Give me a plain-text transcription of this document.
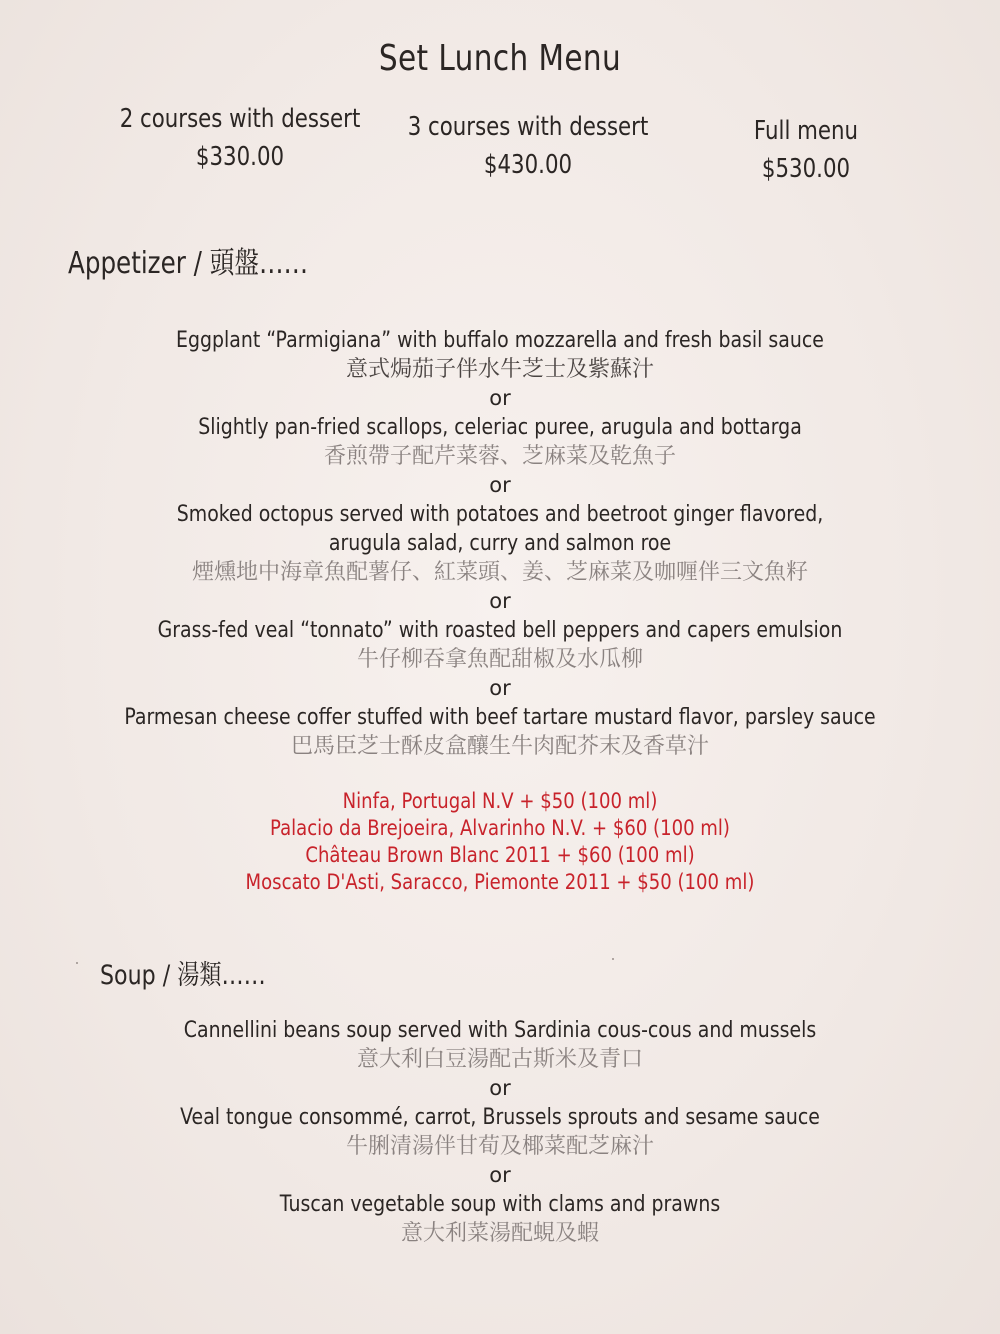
Set Lunch Menu
2 courses with dessert
$330.00
3 courses with dessert
$430.00
Full menu
$530.00
Appetizer / 頭盤……
Eggplant “Parmigiana” with buffalo mozzarella and fresh basil sauce
意式焗茄子伴水牛芝士及紫蘇汁
or
Slightly pan-fried scallops, celeriac puree, arugula and bottarga
香煎帶子配芹菜蓉、芝麻菜及乾魚子
or
Smoked octopus served with potatoes and beetroot ginger flavored,
arugula salad, curry and salmon roe
煙燻地中海章魚配薯仔、紅菜頭、姜、芝麻菜及咖喱伴三文魚籽
or
Grass-fed veal “tonnato” with roasted bell peppers and capers emulsion
牛仔柳吞拿魚配甜椒及水瓜柳
or
Parmesan cheese coffer stuffed with beef tartare mustard flavor, parsley sauce
巴馬臣芝士酥皮盒釀生牛肉配芥末及香草汁
Ninfa, Portugal N.V + $50 (100 ml)
Palacio da Brejoeira, Alvarinho N.V. + $60 (100 ml)
Château Brown Blanc 2011 + $60 (100 ml)
Moscato D'Asti, Saracco, Piemonte 2011 + $50 (100 ml)
Soup / 湯類……
Cannellini beans soup served with Sardinia cous-cous and mussels
意大利白豆湯配古斯米及青口
or
Veal tongue consommé, carrot, Brussels sprouts and sesame sauce
牛脷清湯伴甘荀及椰菜配芝麻汁
or
Tuscan vegetable soup with clams and prawns
意大利菜湯配蜆及蝦
